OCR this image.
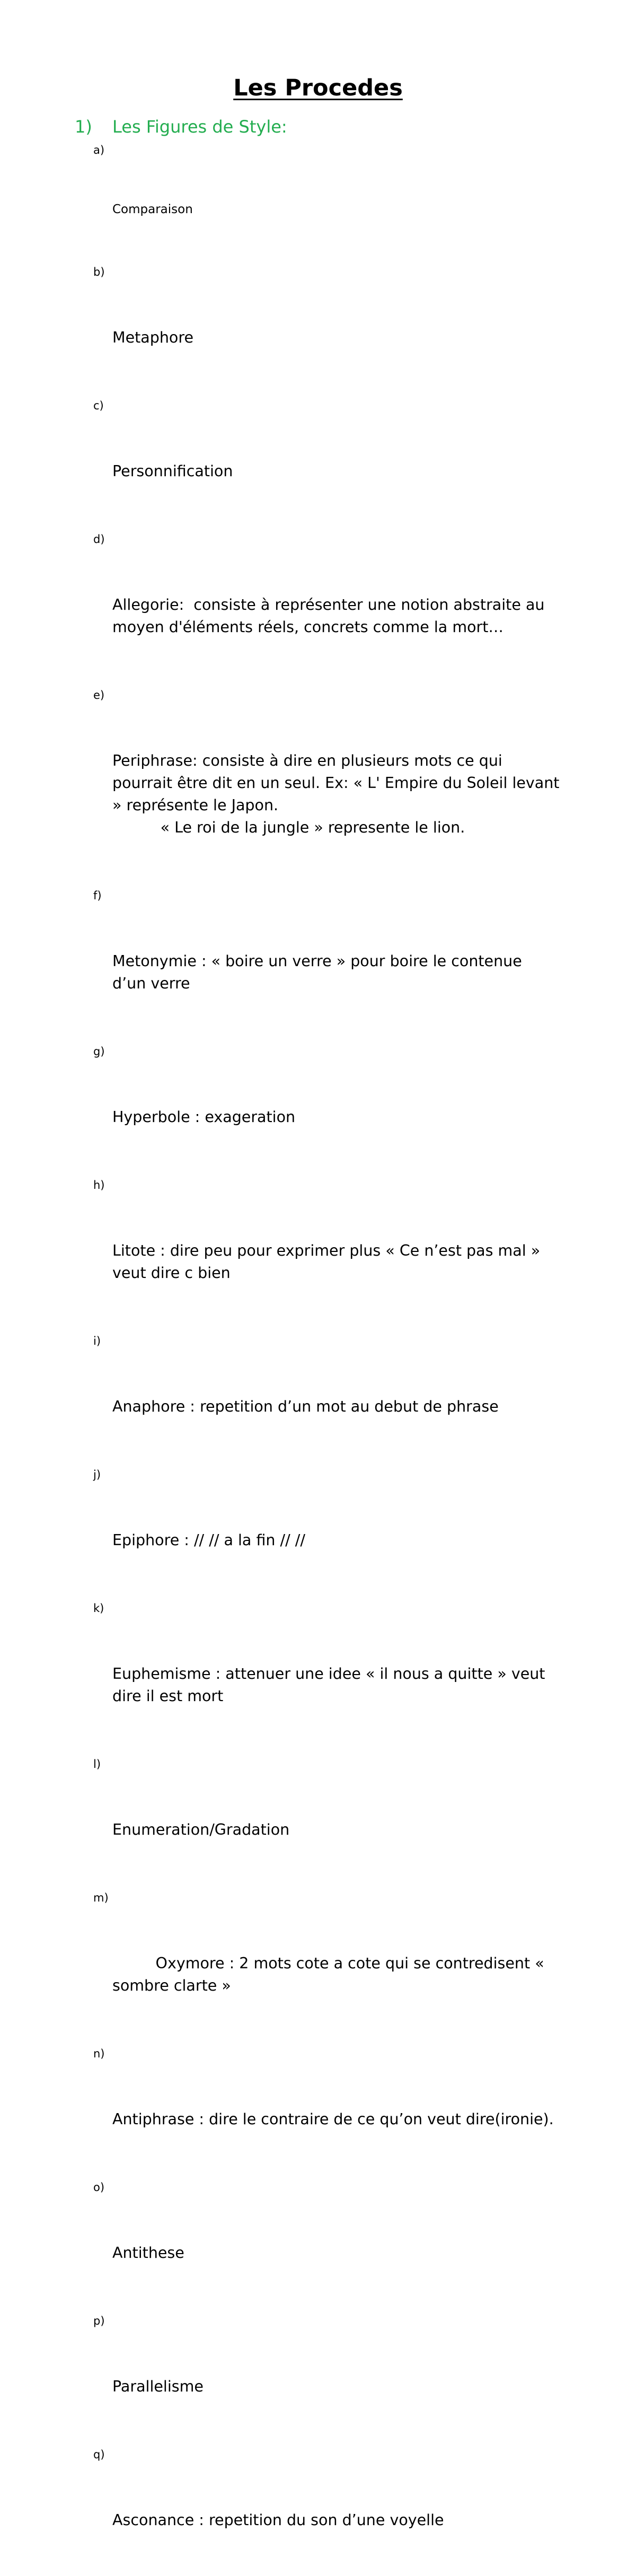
Les Procedes
1) Les Figures de Style:

a)

Comparaison

b)

Metaphore

c)

Personnification

d)

Allegorie:  consiste à représenter une notion abstraite au moyen d'éléments réels, concrets comme la mort…

e)

Periphrase: consiste à dire en plusieurs mots ce qui pourrait être dit en un seul. Ex: « L' Empire du Soleil levant » représente le Japon.
« Le roi de la jungle » represente le lion.

f)

Metonymie : « boire un verre » pour boire le contenue d’un verre

g)

Hyperbole : exageration

h)

Litote : dire peu pour exprimer plus « Ce n’est pas mal » veut dire c bien

i)

Anaphore : repetition d’un mot au debut de phrase

j)

Epiphore : // // a la fin // //

k)

Euphemisme : attenuer une idee « il nous a quitte » veut dire il est mort

l)

Enumeration/Gradation

m)

Oxymore : 2 mots cote a cote qui se contredisent « sombre clarte »

n)

Antiphrase : dire le contraire de ce qu’on veut dire(ironie).

o)

Antithese

p)

Parallelisme

q)

Asconance : repetition du son d’une voyelle
